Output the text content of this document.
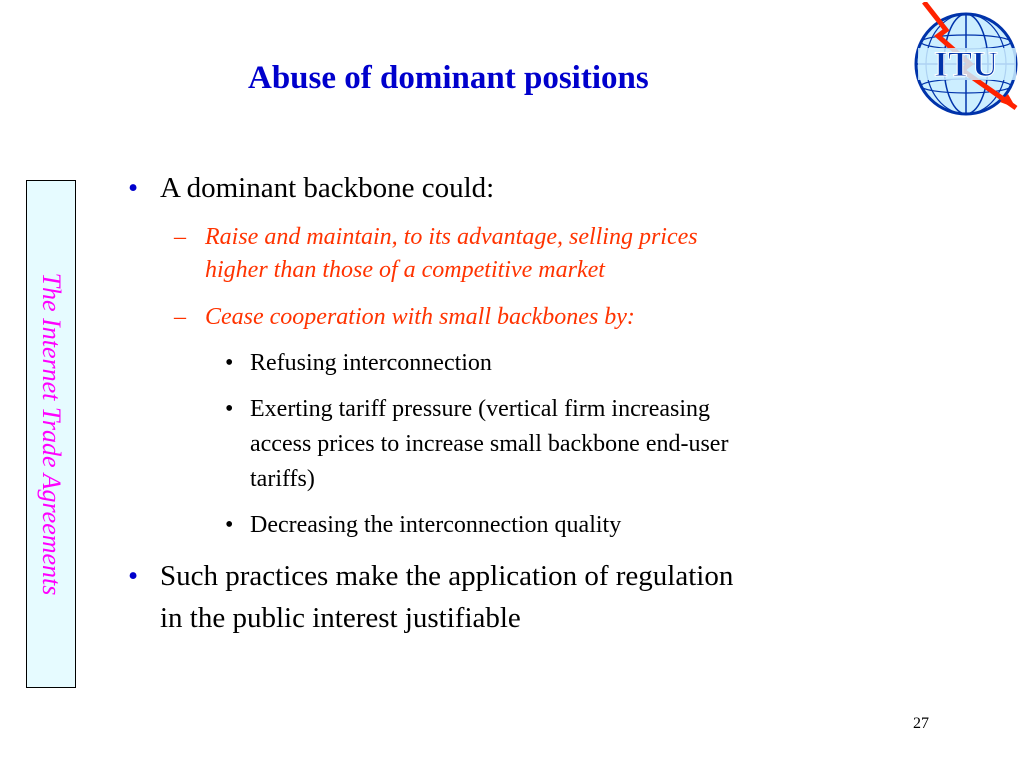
Abuse of dominant positions	ITU
The Internet Trade Agreements
• A dominant backbone could:
– Raise and maintain, to its advantage, selling prices
higher than those of a competitive market
– Cease cooperation with small backbones by:
• Refusing interconnection
• Exerting tariff pressure (vertical firm increasing
access prices to increase small backbone end-user
tariffs)
• Decreasing the interconnection quality
• Such practices make the application of regulation
in the public interest justifiable
27
